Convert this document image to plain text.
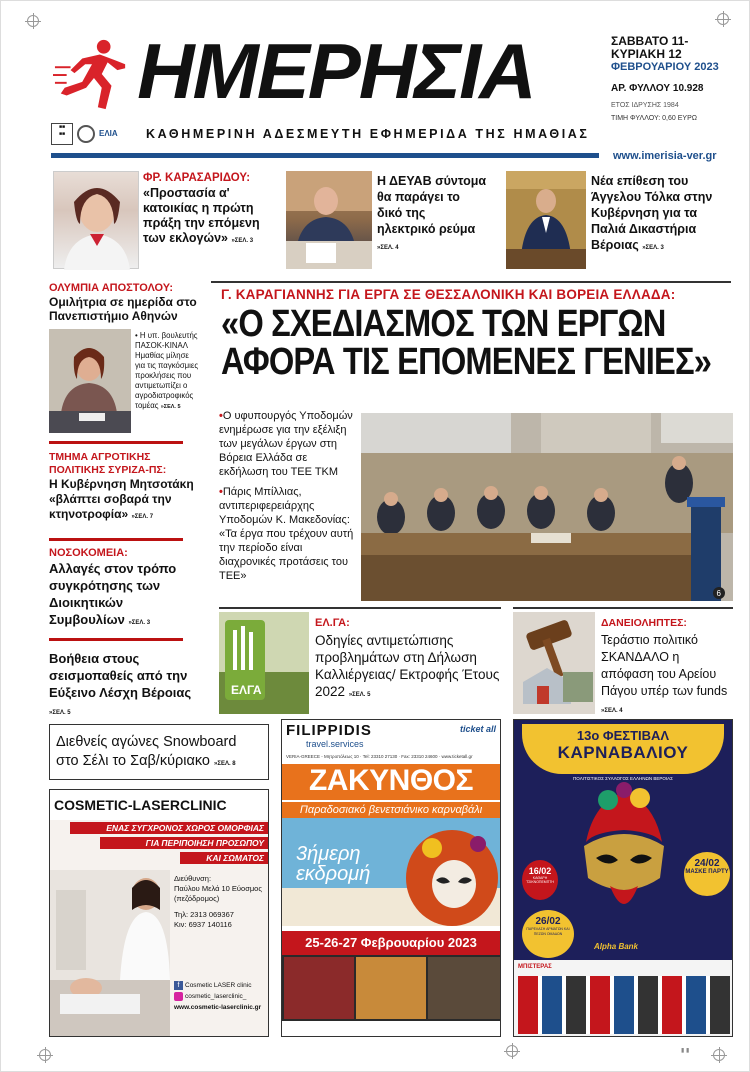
ΗΜΕΡΗΣΙΑ	ΣΑΒΒΑΤΟ 11-
ΚΥΡΙΑΚΗ 12
ΦΕΒΡΟΥΑΡΙΟΥ 2023
ΑΡ. ΦΥΛΛΟΥ 10.928
ΕΤΟΣ ΙΔΡΥΣΗΣ 1984
ΤΙΜΗ ΦΥΛΛΟΥ: 0,60 ΕΥΡΩ
■■
■■	ΕΛΙΑ ΚΑΘΗΜΕΡΙΝΗ ΑΔΕΣΜΕΥΤΗ ΕΦΗΜΕΡΙΔΑ ΤΗΣ ΗΜΑΘΙΑΣ
www.imerisia-ver.gr
ΦΡ. ΚΑΡΑΣΑΡΙΔΟΥ:
«Προστασία α' κατοικίας η πρώτη πράξη την επόμενη των εκλογών» »ΣΕΛ. 3
Η ΔΕΥΑΒ σύντομα θα παράγει το δικό της ηλεκτρικό ρεύμα »ΣΕΛ. 4
Νέα επίθεση του Άγγελου Τόλκα στην Κυβέρνηση για τα Παλιά Δικαστήρια Βέροιας »ΣΕΛ. 3
ΟΛΥΜΠΙΑ ΑΠΟΣΤΟΛΟΥ:
Ομιλήτρια σε ημερίδα στο Πανεπιστήμιο Αθηνών
• Η υπ. βουλευτής ΠΑΣΟΚ-ΚΙΝΑΛ Ημαθίας μίλησε για τις παγκόσμιες προκλήσεις που αντιμετωπίζει ο αγροδιατροφικός τομέας »ΣΕΛ. 5
ΤΜΗΜΑ ΑΓΡΟΤΙΚΗΣ ΠΟΛΙΤΙΚΗΣ ΣΥΡΙΖΑ-ΠΣ:
Η Κυβέρνηση Μητσοτάκη «βλάπτει σοβαρά την κτηνοτροφία» »ΣΕΛ. 7
ΝΟΣΟΚΟΜΕΙΑ:
Αλλαγές στον τρόπο συγκρότησης των Διοικητικών Συμβουλίων »ΣΕΛ. 3
Βοήθεια στους σεισμοπαθείς από την Εύξεινο Λέσχη Βέροιας »ΣΕΛ. 5
Γ. ΚΑΡΑΓΙΑΝΝΗΣ ΓΙΑ ΕΡΓΑ ΣΕ ΘΕΣΣΑΛΟΝΙΚΗ ΚΑΙ ΒΟΡΕΙΑ ΕΛΛΑΔΑ:
«Ο ΣΧΕΔΙΑΣΜΟΣ ΤΩΝ ΕΡΓΩΝ
ΑΦΟΡΑ ΤΙΣ ΕΠΟΜΕΝΕΣ ΓΕΝΙΕΣ»
•Ο υφυπουργός Υποδομών ενημέρωσε για την εξέλιξη των μεγάλων έργων στη Βόρεια Ελλάδα σε εκδήλωση του ΤΕΕ ΤΚΜ
•Πάρις Μπίλλιας, αντιπεριφερειάρχης Υποδομών Κ. Μακεδονίας: «Τα έργα που τρέχουν αυτή την περίοδο είναι διαχρονικές προτάσεις του ΤΕΕ»
6
ΕΛΓΑ
ΕΛ.ΓΑ:
Οδηγίες αντιμετώπισης προβλημάτων στη Δήλωση Καλλιέργειας/ Εκτροφής Έτους 2022 »ΣΕΛ. 5
ΔΑΝΕΙΟΛΗΠΤΕΣ:
Τεράστιο πολιτικό ΣΚΑΝΔΑΛΟ η απόφαση του Αρείου Πάγου υπέρ των funds »ΣΕΛ. 4
Διεθνείς αγώνες Snowboard στο Σέλι το Σαβ/κύριακο »ΣΕΛ. 8
COSMETIC-LASERCLINIC
ΕΝΑΣ ΣΥΓΧΡΟΝΟΣ ΧΩΡΟΣ ΟΜΟΡΦΙΑΣ
ΓΙΑ ΠΕΡΙΠΟΙΗΣΗ ΠΡΟΣΩΠΟΥ
ΚΑΙ ΣΩΜΑΤΟΣ
Διεύθυνση:
Παύλου Μελά 10 Εύοσμος (πεζόδρομος)
Τηλ: 2313 069367
Κιν: 6937 140116
f Cosmetic LASER clinic
cosmetic_laserclinic_
www.cosmetic-laserclinic.gr
FILIPPIDIS
travel.services
ticket all
VERIA-GREECE - Μητροπόλεως 10 · Tel: 23310 27130 · Fax: 23310 24600 · www.ticketall.gr
ΖΑΚΥΝΘΟΣ
Παραδοσιακό βενετσιάνικο καρναβάλι
3ήμερη εκδρομή
25-26-27 Φεβρουαρίου 2023
13ο ΦΕΣΤΙΒΑΛ
ΚΑΡΝΑΒΑΛΙΟΥ
ΠΟΛΙΤΙΣΤΙΚΟΣ ΣΥΛΛΟΓΟΣ ΕΛΛΗΝΩΝ ΒΕΡΟΙΑΣ
16/02
ΚΑΘΑΡΗ ΤΣΙΚΝΟΠΕΜΠΤΗ
24/02
ΜΑΣΚΕ ΠΑΡΤΥ
26/02
ΠΑΡΕΛΑΣΗ ΑΡΜΑΤΩΝ ΚΑΙ ΠΕΖΩΝ ΟΜΑΔΩΝ
Alpha Bank
ΜΠΙΣΤΕΡΑΣ
▮ ▮
